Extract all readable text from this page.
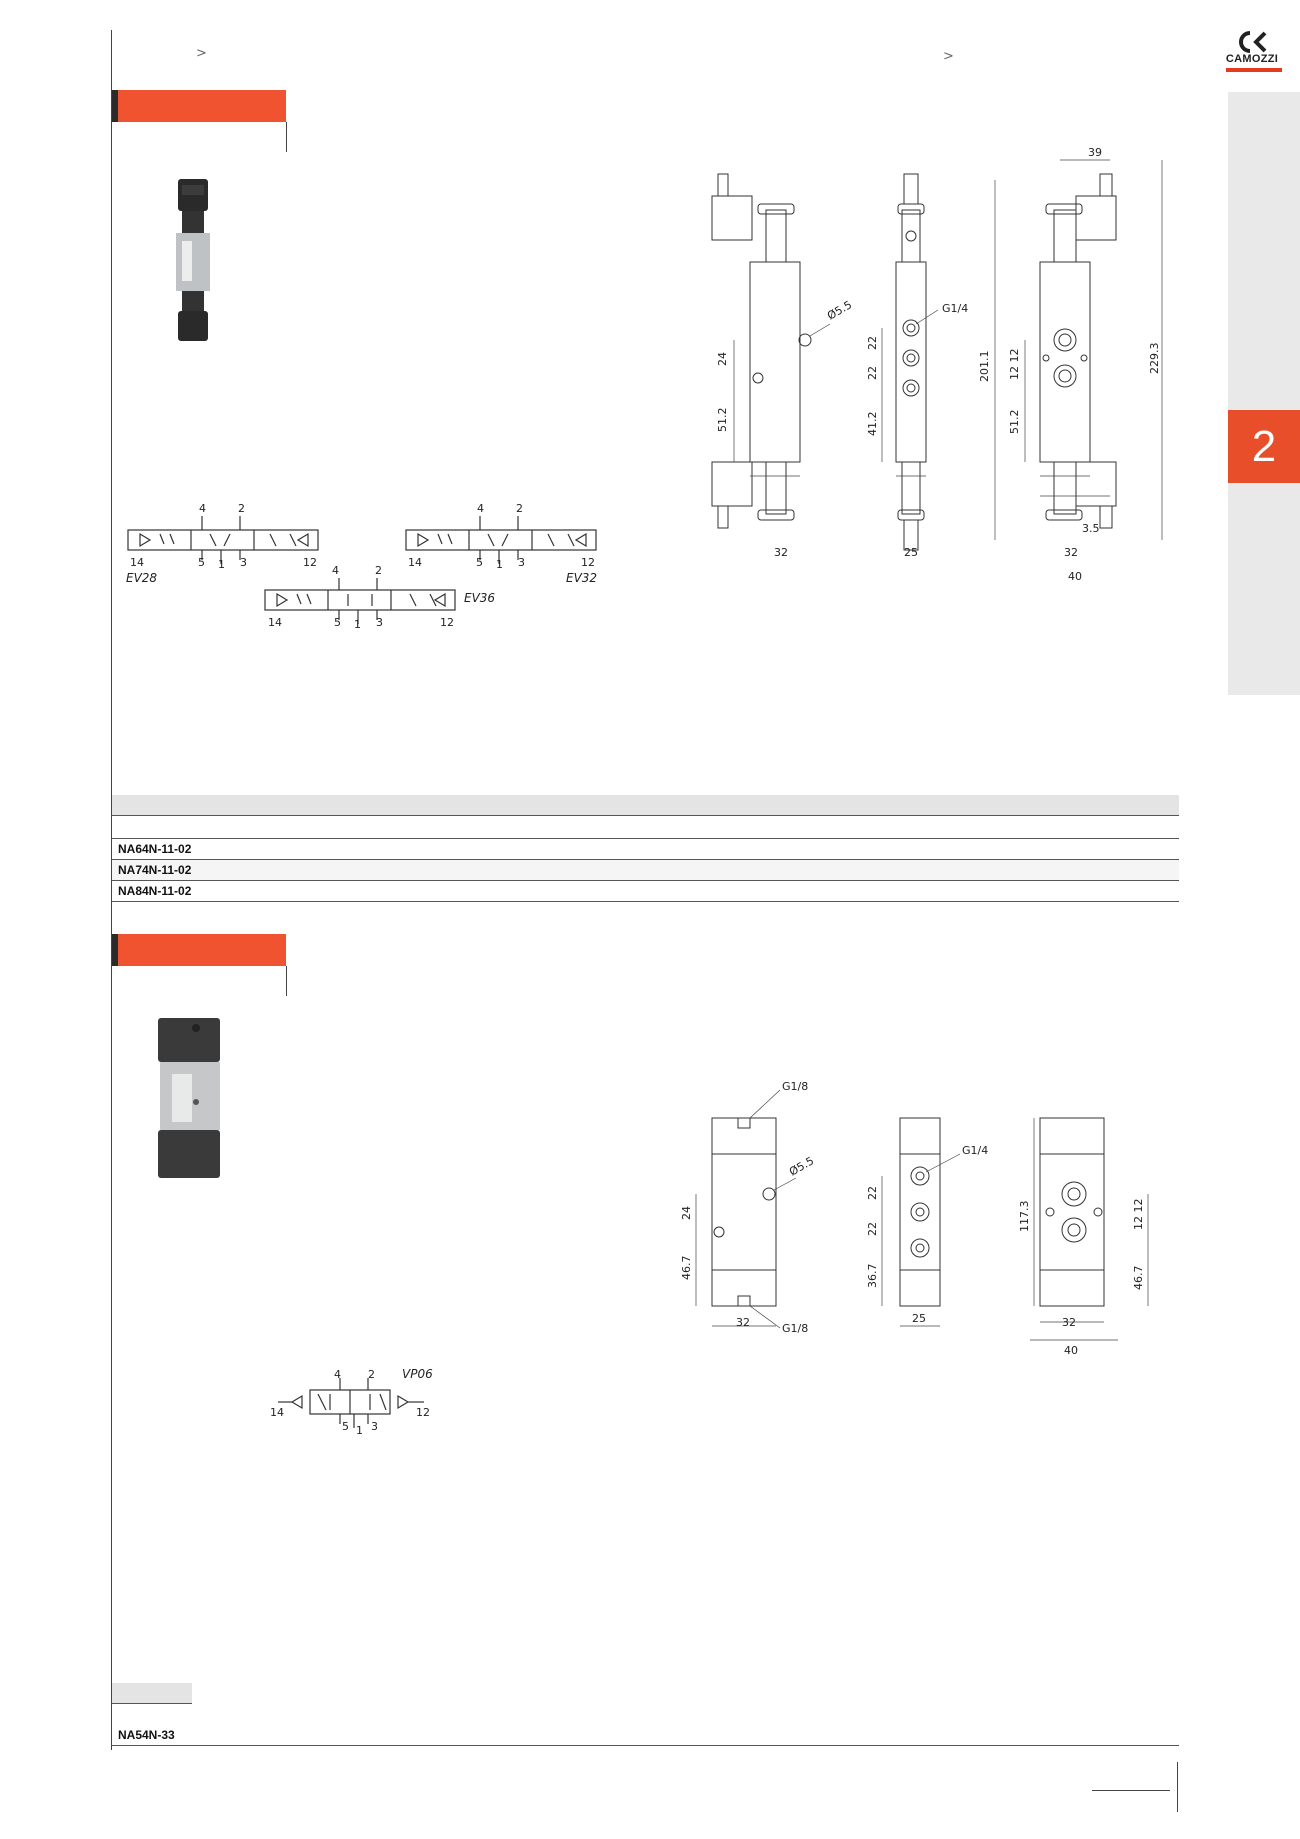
>	>	CAMOZZI
2
4	2
14	5 1 3	12
EV28
4	2
14	5 1 3	12
EV32
4	2
14	5 1 3	12
EV36
39
Ø5.5	G1/4
24
22
22	201.1 12 12	229.3
51.2	41.2	51.2
3.5
32	25	32
40
NA64N-11-02
NA74N-11-02
NA84N-11-02
4 2
14
5 1 3
12
VP06
G1/8
Ø5.5
G1/4
24
46.7
32	G1/8
22
22
36.7
25
117.3	12 12
46.7
32
40
NA54N-33
